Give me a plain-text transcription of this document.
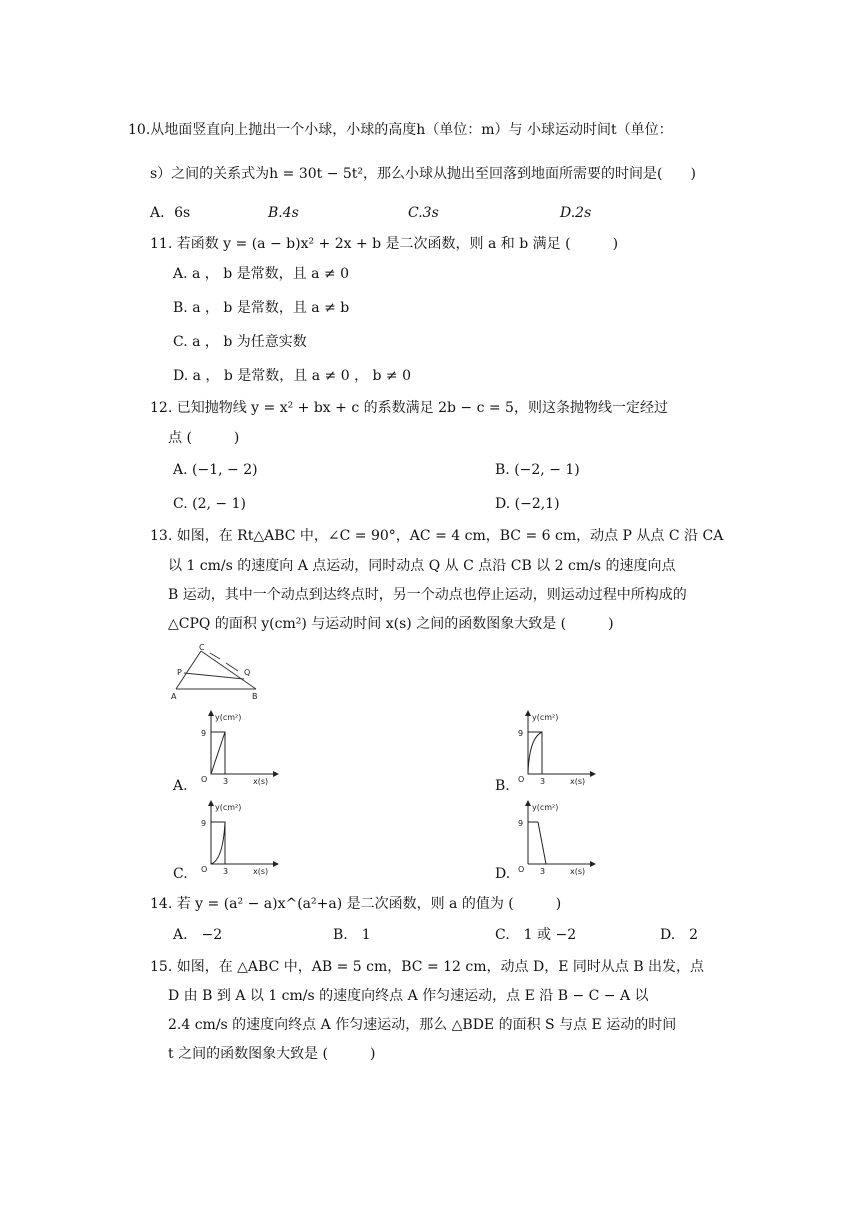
10.从地面竖直向上抛出一个小球，小球的高度h（单位：m）与 小球运动时间t（单位：
s）之间的关系式为h = 30t − 5t²，那么小球从抛出至回落到地面所需要的时间是(　　)
A．6s	B.4s	C.3s	D.2s
11. 若函数 y = (a − b)x² + 2x + b 是二次函数，则 a 和 b 满足 (　　　)
A. a ， b 是常数，且 a ≠ 0
B. a ， b 是常数，且 a ≠ b
C. a ， b 为任意实数
D. a ， b 是常数，且 a ≠ 0 ， b ≠ 0
12. 已知抛物线 y = x² + bx + c 的系数满足 2b − c = 5，则这条抛物线一定经过
点 (　　　)
A. (−1, − 2)	B. (−2, − 1)
C. (2, − 1)	D. (−2,1)
13. 如图，在 Rt△ABC 中，∠C = 90°，AC = 4 cm，BC = 6 cm，动点 P 从点 C 沿 CA
以 1 cm/s 的速度向 A 点运动，同时动点 Q 从 C 点沿 CB 以 2 cm/s 的速度向点
B 运动，其中一个动点到达终点时，另一个动点也停止运动，则运动过程中所构成的
△CPQ 的面积 y(cm²) 与运动时间 x(s) 之间的函数图象大致是 (　　　)
C
P	Q
A	B
A.
y(cm²)
9
3
O	x(s)	B.
y(cm²)
9
3
O	x(s)
C.
y(cm²)
9
3
O	x(s)	D.
y(cm²)
9
3
O	x(s)
14. 若 y = (a² − a)x^(a²+a) 是二次函数，则 a 的值为 (　　　)
A.　−2	B.　1	C.　1 或 −2	D.　2
15. 如图，在 △ABC 中，AB = 5 cm，BC = 12 cm，动点 D，E 同时从点 B 出发，点
D 由 B 到 A 以 1 cm/s 的速度向终点 A 作匀速运动，点 E 沿 B − C − A 以
2.4 cm/s 的速度向终点 A 作匀速运动，那么 △BDE 的面积 S 与点 E 运动的时间
t 之间的函数图象大致是 (　　　)
